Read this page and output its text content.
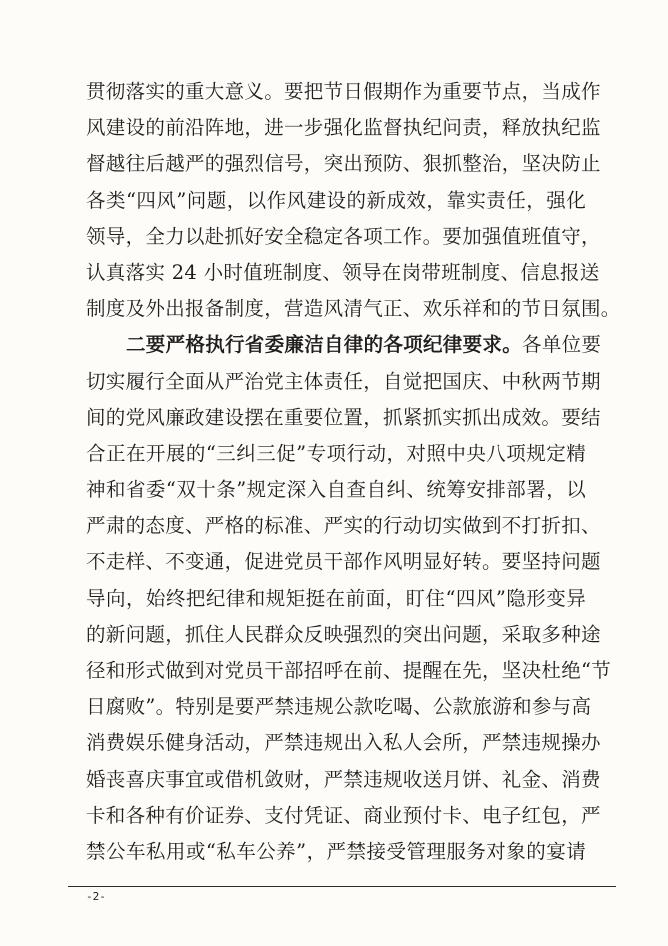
贯彻落实的重大意义。要把节日假期作为重要节点，当成作
风建设的前沿阵地，进一步强化监督执纪问责，释放执纪监
督越往后越严的强烈信号，突出预防、狠抓整治，坚决防止
各类“四风”问题，以作风建设的新成效，靠实责任，强化
领导，全力以赴抓好安全稳定各项工作。要加强值班值守，
认真落实 24 小时值班制度、领导在岗带班制度、信息报送
制度及外出报备制度，营造风清气正、欢乐祥和的节日氛围。
二要严格执行省委廉洁自律的各项纪律要求。各单位要
切实履行全面从严治党主体责任，自觉把国庆、中秋两节期
间的党风廉政建设摆在重要位置，抓紧抓实抓出成效。要结
合正在开展的“三纠三促”专项行动，对照中央八项规定精
神和省委“双十条”规定深入自查自纠、统筹安排部署，以
严肃的态度、严格的标准、严实的行动切实做到不打折扣、
不走样、不变通，促进党员干部作风明显好转。要坚持问题
导向，始终把纪律和规矩挺在前面，盯住“四风”隐形变异
的新问题，抓住人民群众反映强烈的突出问题，采取多种途
径和形式做到对党员干部招呼在前、提醒在先，坚决杜绝“节
日腐败”。特别是要严禁违规公款吃喝、公款旅游和参与高
消费娱乐健身活动，严禁违规出入私人会所，严禁违规操办
婚丧喜庆事宜或借机敛财，严禁违规收送月饼、礼金、消费
卡和各种有价证券、支付凭证、商业预付卡、电子红包，严
禁公车私用或“私车公养”，严禁接受管理服务对象的宴请
-2-
